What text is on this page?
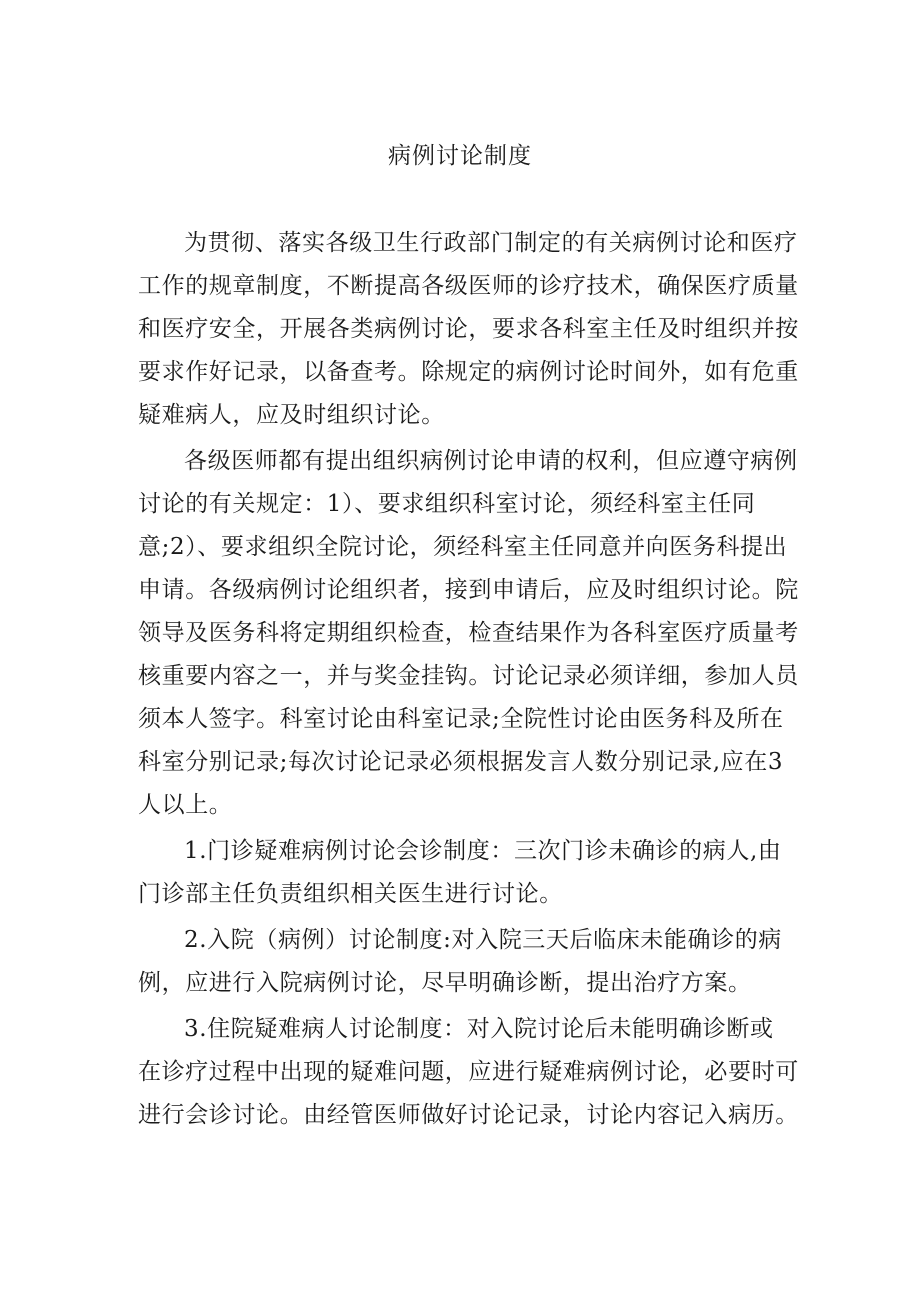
病例讨论制度
为贯彻、落实各级卫生行政部门制定的有关病例讨论和医疗
工作的规章制度，不断提高各级医师的诊疗技术，确保医疗质量
和医疗安全，开展各类病例讨论，要求各科室主任及时组织并按
要求作好记录，以备查考。除规定的病例讨论时间外，如有危重
疑难病人，应及时组织讨论。
各级医师都有提出组织病例讨论申请的权利，但应遵守病例
讨论的有关规定：1）、要求组织科室讨论，须经科室主任同
意;2）、要求组织全院讨论，须经科室主任同意并向医务科提出
申请。各级病例讨论组织者，接到申请后，应及时组织讨论。院
领导及医务科将定期组织检查，检查结果作为各科室医疗质量考
核重要内容之一，并与奖金挂钩。讨论记录必须详细，参加人员
须本人签字。科室讨论由科室记录;全院性讨论由医务科及所在
科室分别记录;每次讨论记录必须根据发言人数分别记录,应在3
人以上。
1.门诊疑难病例讨论会诊制度：三次门诊未确诊的病人,由
门诊部主任负责组织相关医生进行讨论。
2.入院（病例）讨论制度:对入院三天后临床未能确诊的病
例，应进行入院病例讨论，尽早明确诊断，提出治疗方案。
3.住院疑难病人讨论制度：对入院讨论后未能明确诊断或
在诊疗过程中出现的疑难问题，应进行疑难病例讨论，必要时可
进行会诊讨论。由经管医师做好讨论记录，讨论内容记入病历。
